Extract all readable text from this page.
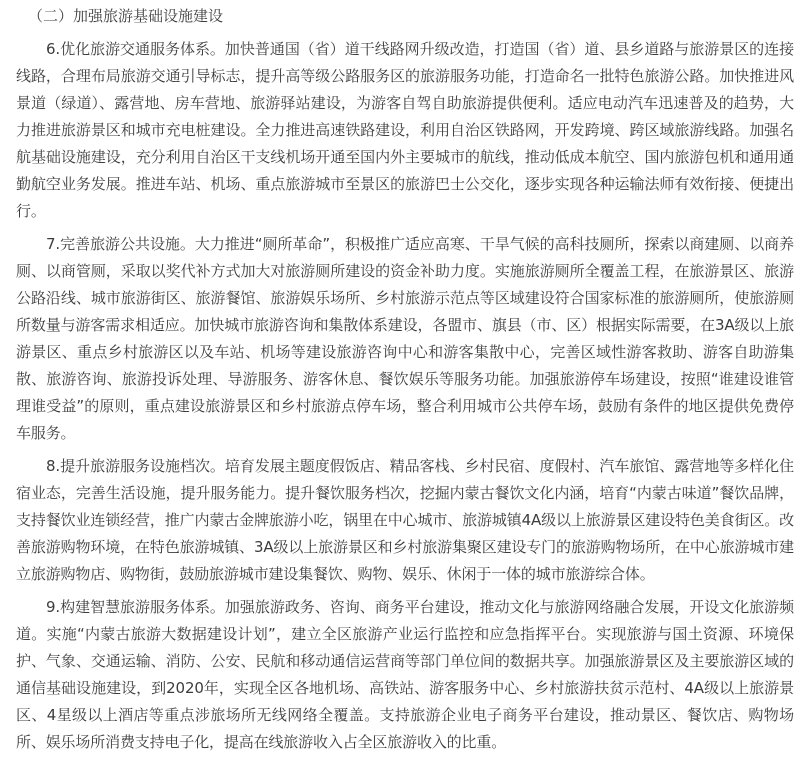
（二）加强旅游基础设施建设

6.优化旅游交通服务体系。加快普通国（省）道干线路网升级改造，打造国（省）道、县乡道路与旅游景区的连接线路，合理布局旅游交通引导标志，提升高等级公路服务区的旅游服务功能，打造命名一批特色旅游公路。加快推进风景道（绿道）、露营地、房车营地、旅游驿站建设，为游客自驾自助旅游提供便利。适应电动汽车迅速普及的趋势，大力推进旅游景区和城市充电桩建设。全力推进高速铁路建设，利用自治区铁路网，开发跨境、跨区域旅游线路。加强名航基础设施建设，充分利用自治区干支线机场开通至国内外主要城市的航线，推动低成本航空、国内旅游包机和通用通勤航空业务发展。推进车站、机场、重点旅游城市至景区的旅游巴士公交化，逐步实现各种运输法师有效衔接、便捷出行。

7.完善旅游公共设施。大力推进“厕所革命”，积极推广适应高寒、干旱气候的高科技厕所，探索以商建厕、以商养厕、以商管厕，采取以奖代补方式加大对旅游厕所建设的资金补助力度。实施旅游厕所全覆盖工程，在旅游景区、旅游公路沿线、城市旅游街区、旅游餐馆、旅游娱乐场所、乡村旅游示范点等区域建设符合国家标准的旅游厕所，使旅游厕所数量与游客需求相适应。加快城市旅游咨询和集散体系建设，各盟市、旗县（市、区）根据实际需要，在3A级以上旅游景区、重点乡村旅游区以及车站、机场等建设旅游咨询中心和游客集散中心，完善区域性游客救助、游客自助游集散、旅游咨询、旅游投诉处理、导游服务、游客休息、餐饮娱乐等服务功能。加强旅游停车场建设，按照“谁建设谁管理谁受益”的原则，重点建设旅游景区和乡村旅游点停车场，整合利用城市公共停车场，鼓励有条件的地区提供免费停车服务。

8.提升旅游服务设施档次。培育发展主题度假饭店、精品客栈、乡村民宿、度假村、汽车旅馆、露营地等多样化住宿业态，完善生活设施，提升服务能力。提升餐饮服务档次，挖掘内蒙古餐饮文化内涵，培育“内蒙古味道”餐饮品牌，支持餐饮业连锁经营，推广内蒙古金牌旅游小吃，锅里在中心城市、旅游城镇4A级以上旅游景区建设特色美食街区。改善旅游购物环境，在特色旅游城镇、3A级以上旅游景区和乡村旅游集聚区建设专门的旅游购物场所，在中心旅游城市建立旅游购物店、购物街，鼓励旅游城市建设集餐饮、购物、娱乐、休闲于一体的城市旅游综合体。

9.构建智慧旅游服务体系。加强旅游政务、咨询、商务平台建设，推动文化与旅游网络融合发展，开设文化旅游频道。实施“内蒙古旅游大数据建设计划”，建立全区旅游产业运行监控和应急指挥平台。实现旅游与国土资源、环境保护、气象、交通运输、消防、公安、民航和移动通信运营商等部门单位间的数据共享。加强旅游景区及主要旅游区域的通信基础设施建设，到2020年，实现全区各地机场、高铁站、游客服务中心、乡村旅游扶贫示范村、4A级以上旅游景区、4星级以上酒店等重点涉旅场所无线网络全覆盖。支持旅游企业电子商务平台建设，推动景区、餐饮店、购物场所、娱乐场所消费支持电子化，提高在线旅游收入占全区旅游收入的比重。
